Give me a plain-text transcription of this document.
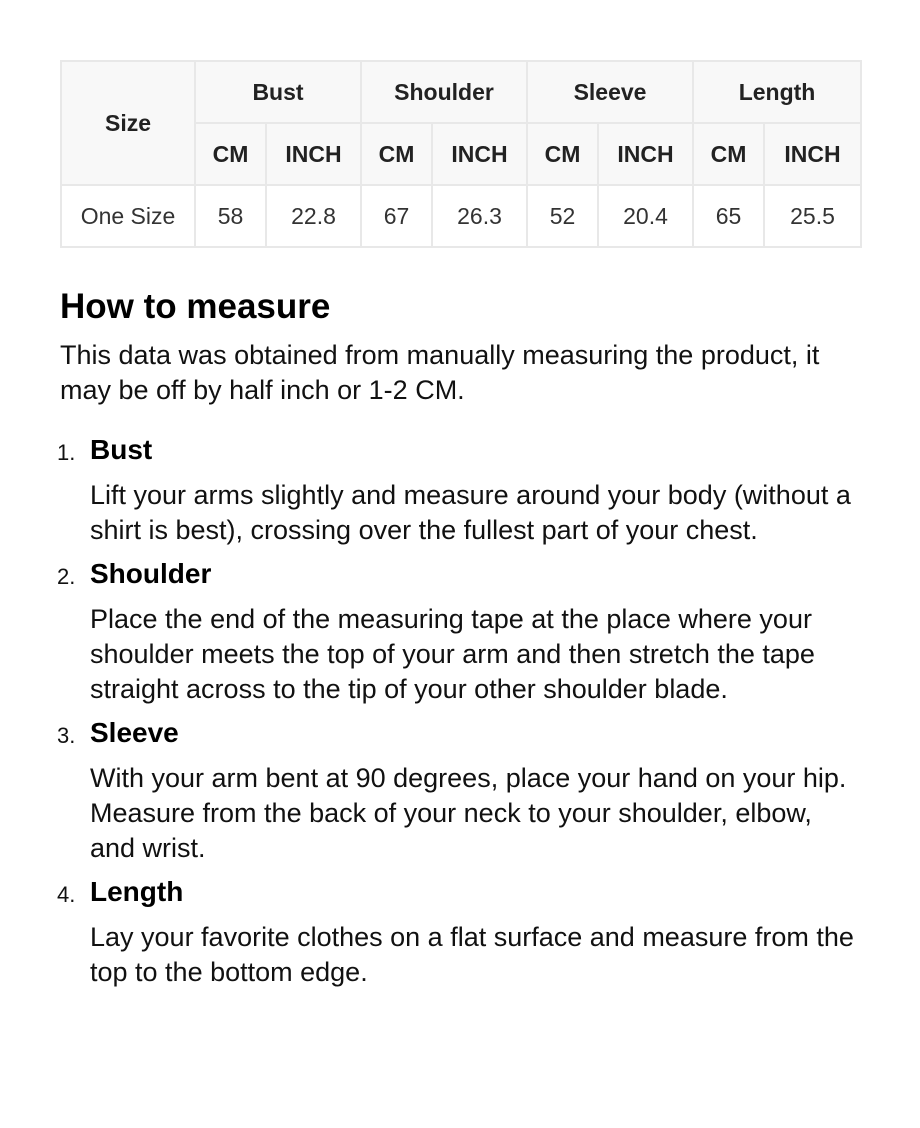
Size	Bust		Shoulder		Sleeve		Length	
	CM	INCH	CM	INCH	CM	INCH	CM	INCH
One Size	58	22.8	67	26.3	52	20.4	65	25.5
How to measure

This data was obtained from manually measuring the product, it may be off by half inch or 1-2 CM.

1. Bust
Lift your arms slightly and measure around your body (without a shirt is best), crossing over the fullest part of your chest.
2. Shoulder
Place the end of the measuring tape at the place where your shoulder meets the top of your arm and then stretch the tape straight across to the tip of your other shoulder blade.
3. Sleeve
With your arm bent at 90 degrees, place your hand on your hip. Measure from the back of your neck to your shoulder, elbow, and wrist.
4. Length
Lay your favorite clothes on a flat surface and measure from the top to the bottom edge.
